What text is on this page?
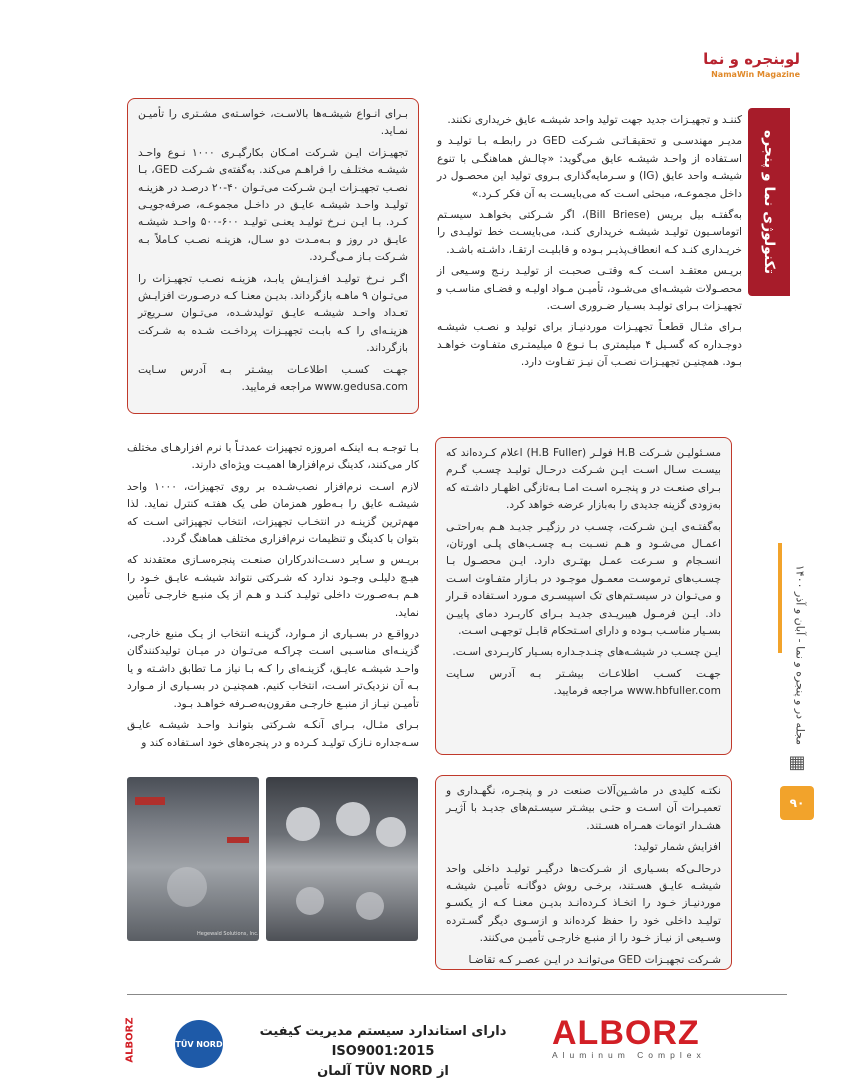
لوبنجره و نما
NamaWin Magazine
تکنولوژی نما و پنجره
مجله در و پنجره و نما - آبان و آذر ۱۴۰۰
▦
۹۰

کننـد و تجهیـزات جدید جهت تولید واحد شیشـه عایق خریداری نکنند.

مدیـر مهندسـی و تحقیقـاتـی شـرکت GED در رابطـه بـا تولیـد و اسـتفاده از واحـد شیشـه عایق می‌گوید: «چالـش هماهنگـی با تنوع شیشـه واحد عایق (IG) و سـرمایه‌گذاری بـروی تولید این محصـول در داخل مجموعـه، مبحثی اسـت که می‌بایسـت به آن فکر کـرد.»

به‌گفتـه بیل بریس (Bill Briese)، اگر شـرکتی بخواهـد سیسـتم اتوماسـیون تولیـد شیشـه خریداری کنـد، می‌بایسـت خط تولیـدی را خریـداری کنـد کـه انعطاف‌پذیـر بـوده و قابلیـت ارتقـا، داشـته باشـد.

بریـس معتقـد اسـت کـه وقتـی صحبـت از تولیـد رنـج وسـیعی از محصـولات شیشـه‌ای می‌شـود، تأمیـن مـواد اولیـه و فضـای مناسـب و تجهیـزات بـرای تولیـد بسـیار ضـروری اسـت.

بـرای مثـال قطعـاً تجهیـزات موردنیـاز برای تولید و نصـب شیشـه دوجـداره که گسـیل ۴ میلیمتری بـا نـوع ۵ میلیمتـری متفـاوت خواهـد بـود. همچنیـن تجهیـزات نصـب آن نیـز تفـاوت دارد.

بـرای انـواع شیشـه‌ها بالاسـت، خواسـته‌ی مشـتری را تأمیـن نمـاید.

تجهیـزات ایـن شـرکت امـکان بکارگیـری ۱۰۰۰ نـوع واحـد شیشـه مختلـف را فراهـم می‌کند. به‌گفته‌ی شـرکت GED، بـا نصـب تجهیـزات ایـن شـرکت می‌تـوان ۴۰-۲۰ درصـد در هزینـه تولیـد واحـد شیشـه عایـق در داخـل مجموعـه، صرفه‌جویـی کـرد. بـا ایـن نـرخ تولیـد یعنـی تولیـد ۶۰۰-۵۰۰ واحـد شیشـه عایـق در روز و بـه‌مـدت دو سـال، هزینـه نصـب کـاملاً بـه شـرکت بـاز مـی‌گـردد.

اگـر نـرخ تولیـد افـزایـش یابـد، هزینـه نصـب تجهیـزات را می‌تـوان ۹ ماهـه بازگرداند. بدیـن معنـا کـه درصـورت افزایـش تعـداد واحـد شیشـه عایـق تولیدشـده، می‌تـوان سـریع‌تر هزینـه‌ای را کـه بابـت تجهیـزات پرداخـت شـده به شـرکت بازگرداند.

جهـت کسـب اطلاعـات بیشـتر بـه آدرس سـایت www.gedusa.com مراجعه فرمایید.

بـا توجـه بـه اینکـه امروزه تجهیزات عمدتـاً با نرم افزارهـای مختلف کار می‌کنند، کدینگ نرم‌افزارها اهمیـت ویژه‌ای دارند.

لازم اسـت نرم‌افزار نصب‌شـده بر روی تجهیزات، ۱۰۰۰ واحد شیشـه عایق را بـه‌طور همزمان طی یک هفتـه کنترل نماید. لذا مهم‌ترین گزینـه در انتخـاب تجهیزات، انتخاب تجهیزاتی اسـت که بتوان با کدینگ و تنظیمات نرم‌افزاری مختلف هماهنگ گردد.

بریـس و سـایر دسـت‌اندرکاران صنعـت پنجره‌سـازی معتقدند که هیـچ دلیلـی وجـود ندارد که شـرکتی نتواند شیشـه عایـق خـود را هـم بـه‌صـورت داخلی تولیـد کنـد و هـم از یک منبـع خارجـی تأمین نماید.

درواقـع در بسـیاری از مـوارد، گزینـه انتخاب از یـک منبع خارجی، گزینـه‌ای مناسـبی اسـت چراکـه می‌تـوان در میـان تولیدکنندگان واحـد شیشـه عایـق، گزینـه‌ای را کـه بـا نیاز مـا تطابق داشـته و یا بـه آن نزدیک‌تر اسـت، انتخاب کنیم. همچنیـن در بسـیاری از مـوارد تأمیـن نیـاز از منبـع خارجـی مقرون‌به‌صـرفه خواهـد بـود.

بـرای مثـال، بـرای آنکـه شـرکتی بتوانـد واحـد شیشـه عایـق سـه‌جداره نـازک تولیـد کـرده و در پنجره‌های خود اسـتفاده کند و

مسـئولیـن شـرکت H.B فولـر (H.B Fuller) اعلام کـرده‌اند که بیسـت سـال اسـت ایـن شـرکت درحـال تولیـد چسـب گـرم بـرای صنعـت در و پنجـره اسـت امـا بـه‌تازگی اظهـار داشـته که به‌زودی گزینه جدیدی را به‌بازار عرضه خواهد کرد.

به‌گفتـه‌ی ایـن شـرکت، چسـب در رزگیـر جدیـد هـم به‌راحتـی اعمـال می‌شـود و هـم نسـبت بـه چسـب‌های پلـی اورتان، انسـجام و سـرعت عمـل بهتـری دارد. ایـن محصـول بـا چسـب‌های ترموسـت معمـول موجـود در بـازار متفـاوت اسـت و می‌تـوان در سیسـتم‌های تک اسپیسـری مـورد اسـتفاده قـرار داد. ایـن فرمـول هیبریـدی جدیـد بـرای کاربـرد دمای پاییـن بسـیار مناسـب بـوده و دارای اسـتحکام قابـل توجهـی اسـت.

ایـن چسـب در شیشـه‌های چنـدجـداره بسـیار کاربـردی اسـت.

جهـت کسـب اطلاعـات بیشـتر بـه آدرس سـایت www.hbfuller.com مراجعه فرمایید.

نکتـه کلیدی در ماشـین‌آلات صنعت در و پنجـره، نگهـداری و تعمیـرات آن اسـت و حتـی بیشـتر سیسـتم‌های جدیـد با آژیـر هشـدار اتومات همـراه هسـتند.

افزایش شمار تولید:

درحالـی‌که بسـیاری از شـرکت‌ها درگیـر تولیـد داخلی واحد شیشـه عایـق هسـتند، برخـی روش دوگانـه تأمیـن شیشـه موردنیـاز خـود را اتخـاذ کـرده‌انـد بدیـن معنـا کـه از یکسـو تولیـد داخلی خود را حفظ کرده‌اند و ازسـوی دیگر گسـترده وسـیعی از نیـاز خـود را از منبـع خارجـی تأمیـن می‌کنند.

شـرکت تجهیـزات GED می‌توانـد در ایـن عصـر کـه تقاضـا

Hegewald Solutions, Inc.
ALBORZ	TÜV NORD
دارای استاندارد سیستم مدیریت کیفیت ISO9001:2015
از TÜV NORD آلمان
ALBORZ
Aluminum Complex
